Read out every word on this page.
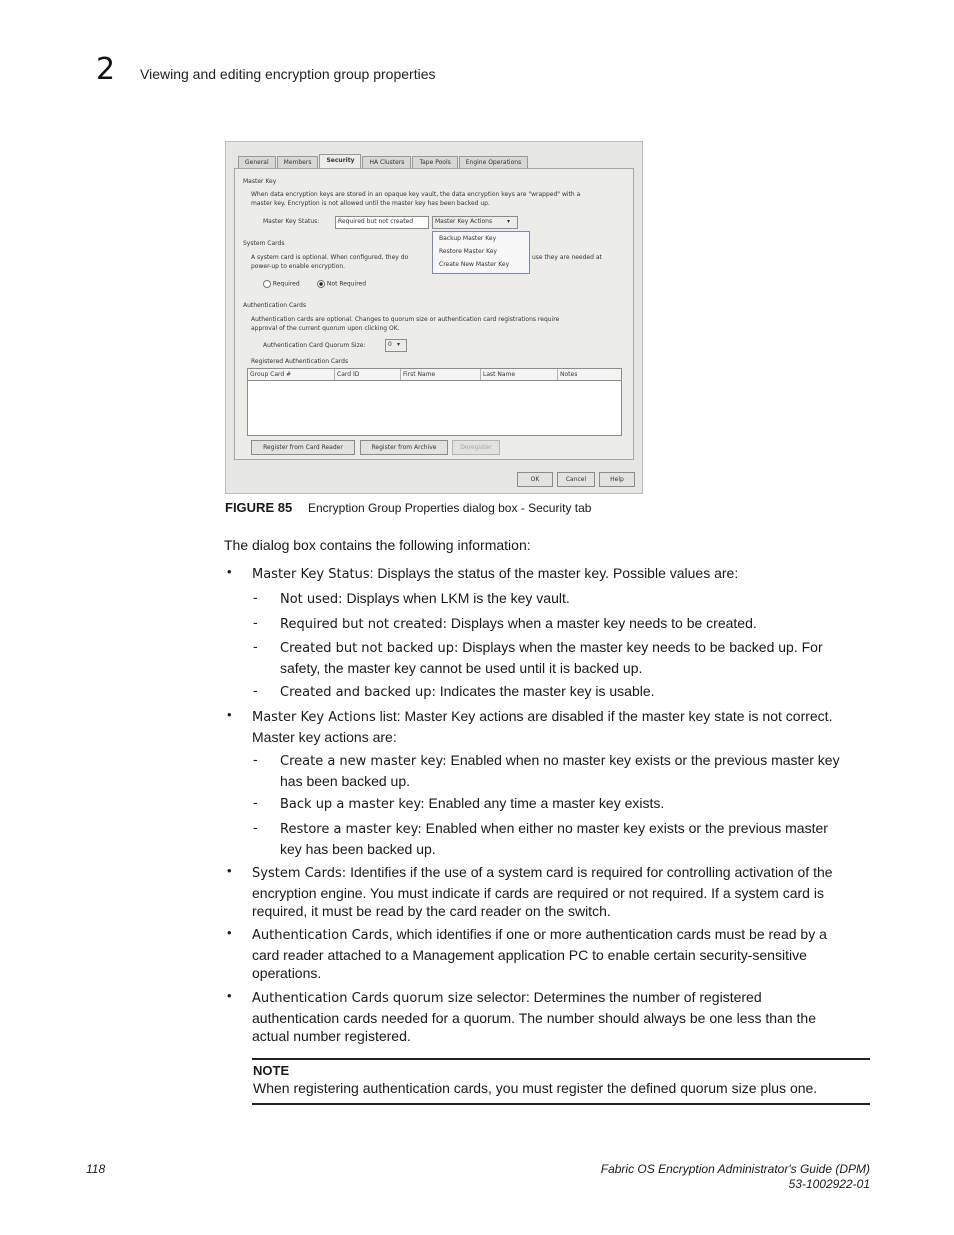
2 Viewing and editing encryption group properties
General	Members	Security	HA Clusters	Tape Pools	Engine Operations
Master Key
When data encryption keys are stored in an opaque key vault, the data encryption keys are "wrapped" with a
master key. Encryption is not allowed until the master key has been backed up.
Master Key Status:	Required but not created	Master Key Actions ▾
Backup Master Key
Restore Master Key
Create New Master Key
System Cards
A system card is optional. When configured, they do	use they are needed at
power-up to enable encryption.
Required	Not Required
Authentication Cards
Authentication cards are optional. Changes to quorum size or authentication card registrations require
approval of the current quorum upon clicking OK.
Authentication Card Quorum Size:	0 ▾
Registered Authentication Cards
Group Card #	Card ID	First Name	Last Name	Notes
Register from Card Reader	Register from Archive	Deregister
OK	Cancel	Help
FIGURE 85 Encryption Group Properties dialog box - Security tab
The dialog box contains the following information:
• Master Key Status: Displays the status of the master key. Possible values are:
- Not used: Displays when LKM is the key vault.
- Required but not created: Displays when a master key needs to be created.
- Created but not backed up: Displays when the master key needs to be backed up. For
safety, the master key cannot be used until it is backed up.
- Created and backed up: Indicates the master key is usable.
• Master Key Actions list: Master Key actions are disabled if the master key state is not correct.
Master key actions are:
- Create a new master key: Enabled when no master key exists or the previous master key
has been backed up.
- Back up a master key: Enabled any time a master key exists.
- Restore a master key: Enabled when either no master key exists or the previous master
key has been backed up.
• System Cards: Identifies if the use of a system card is required for controlling activation of the
encryption engine. You must indicate if cards are required or not required. If a system card is
required, it must be read by the card reader on the switch.
• Authentication Cards, which identifies if one or more authentication cards must be read by a
card reader attached to a Management application PC to enable certain security-sensitive
operations.
• Authentication Cards quorum size selector: Determines the number of registered
authentication cards needed for a quorum. The number should always be one less than the
actual number registered.
NOTE
When registering authentication cards, you must register the defined quorum size plus one.
118	Fabric OS Encryption Administrator's Guide (DPM)
53-1002922-01
